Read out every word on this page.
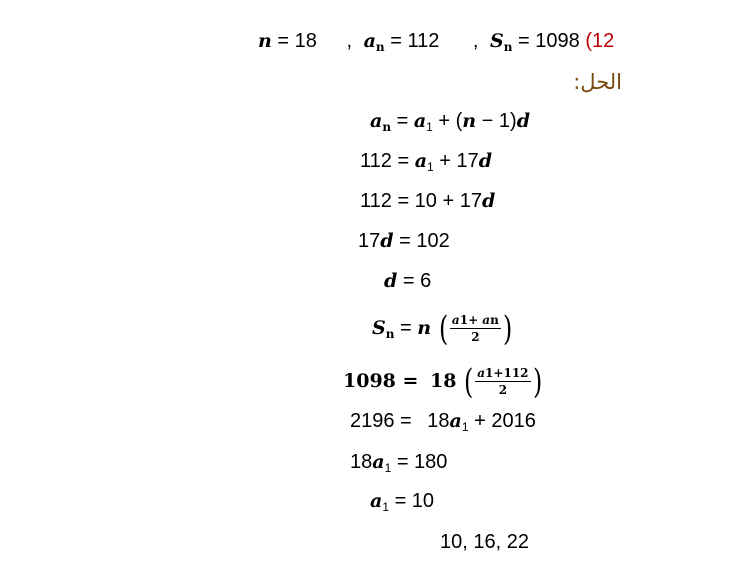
n = 18 , $a_n = 112$ , $S_n = 1098$ (12
الحل:
$a_n = a_1 + (n - 1)d$
$112 = a_1 + 17d$
112 = 10 + 17d
17d = 102
d = 6
$S_n = n$ ( $\frac{a1+ an}{2}$ )
1098 = 18 ( $\frac{a1+112}{2}$ )
$2196 = 18a_1 + 2016$
$18a_1 = 180$
$a_1 = 10$
10, 16, 22
